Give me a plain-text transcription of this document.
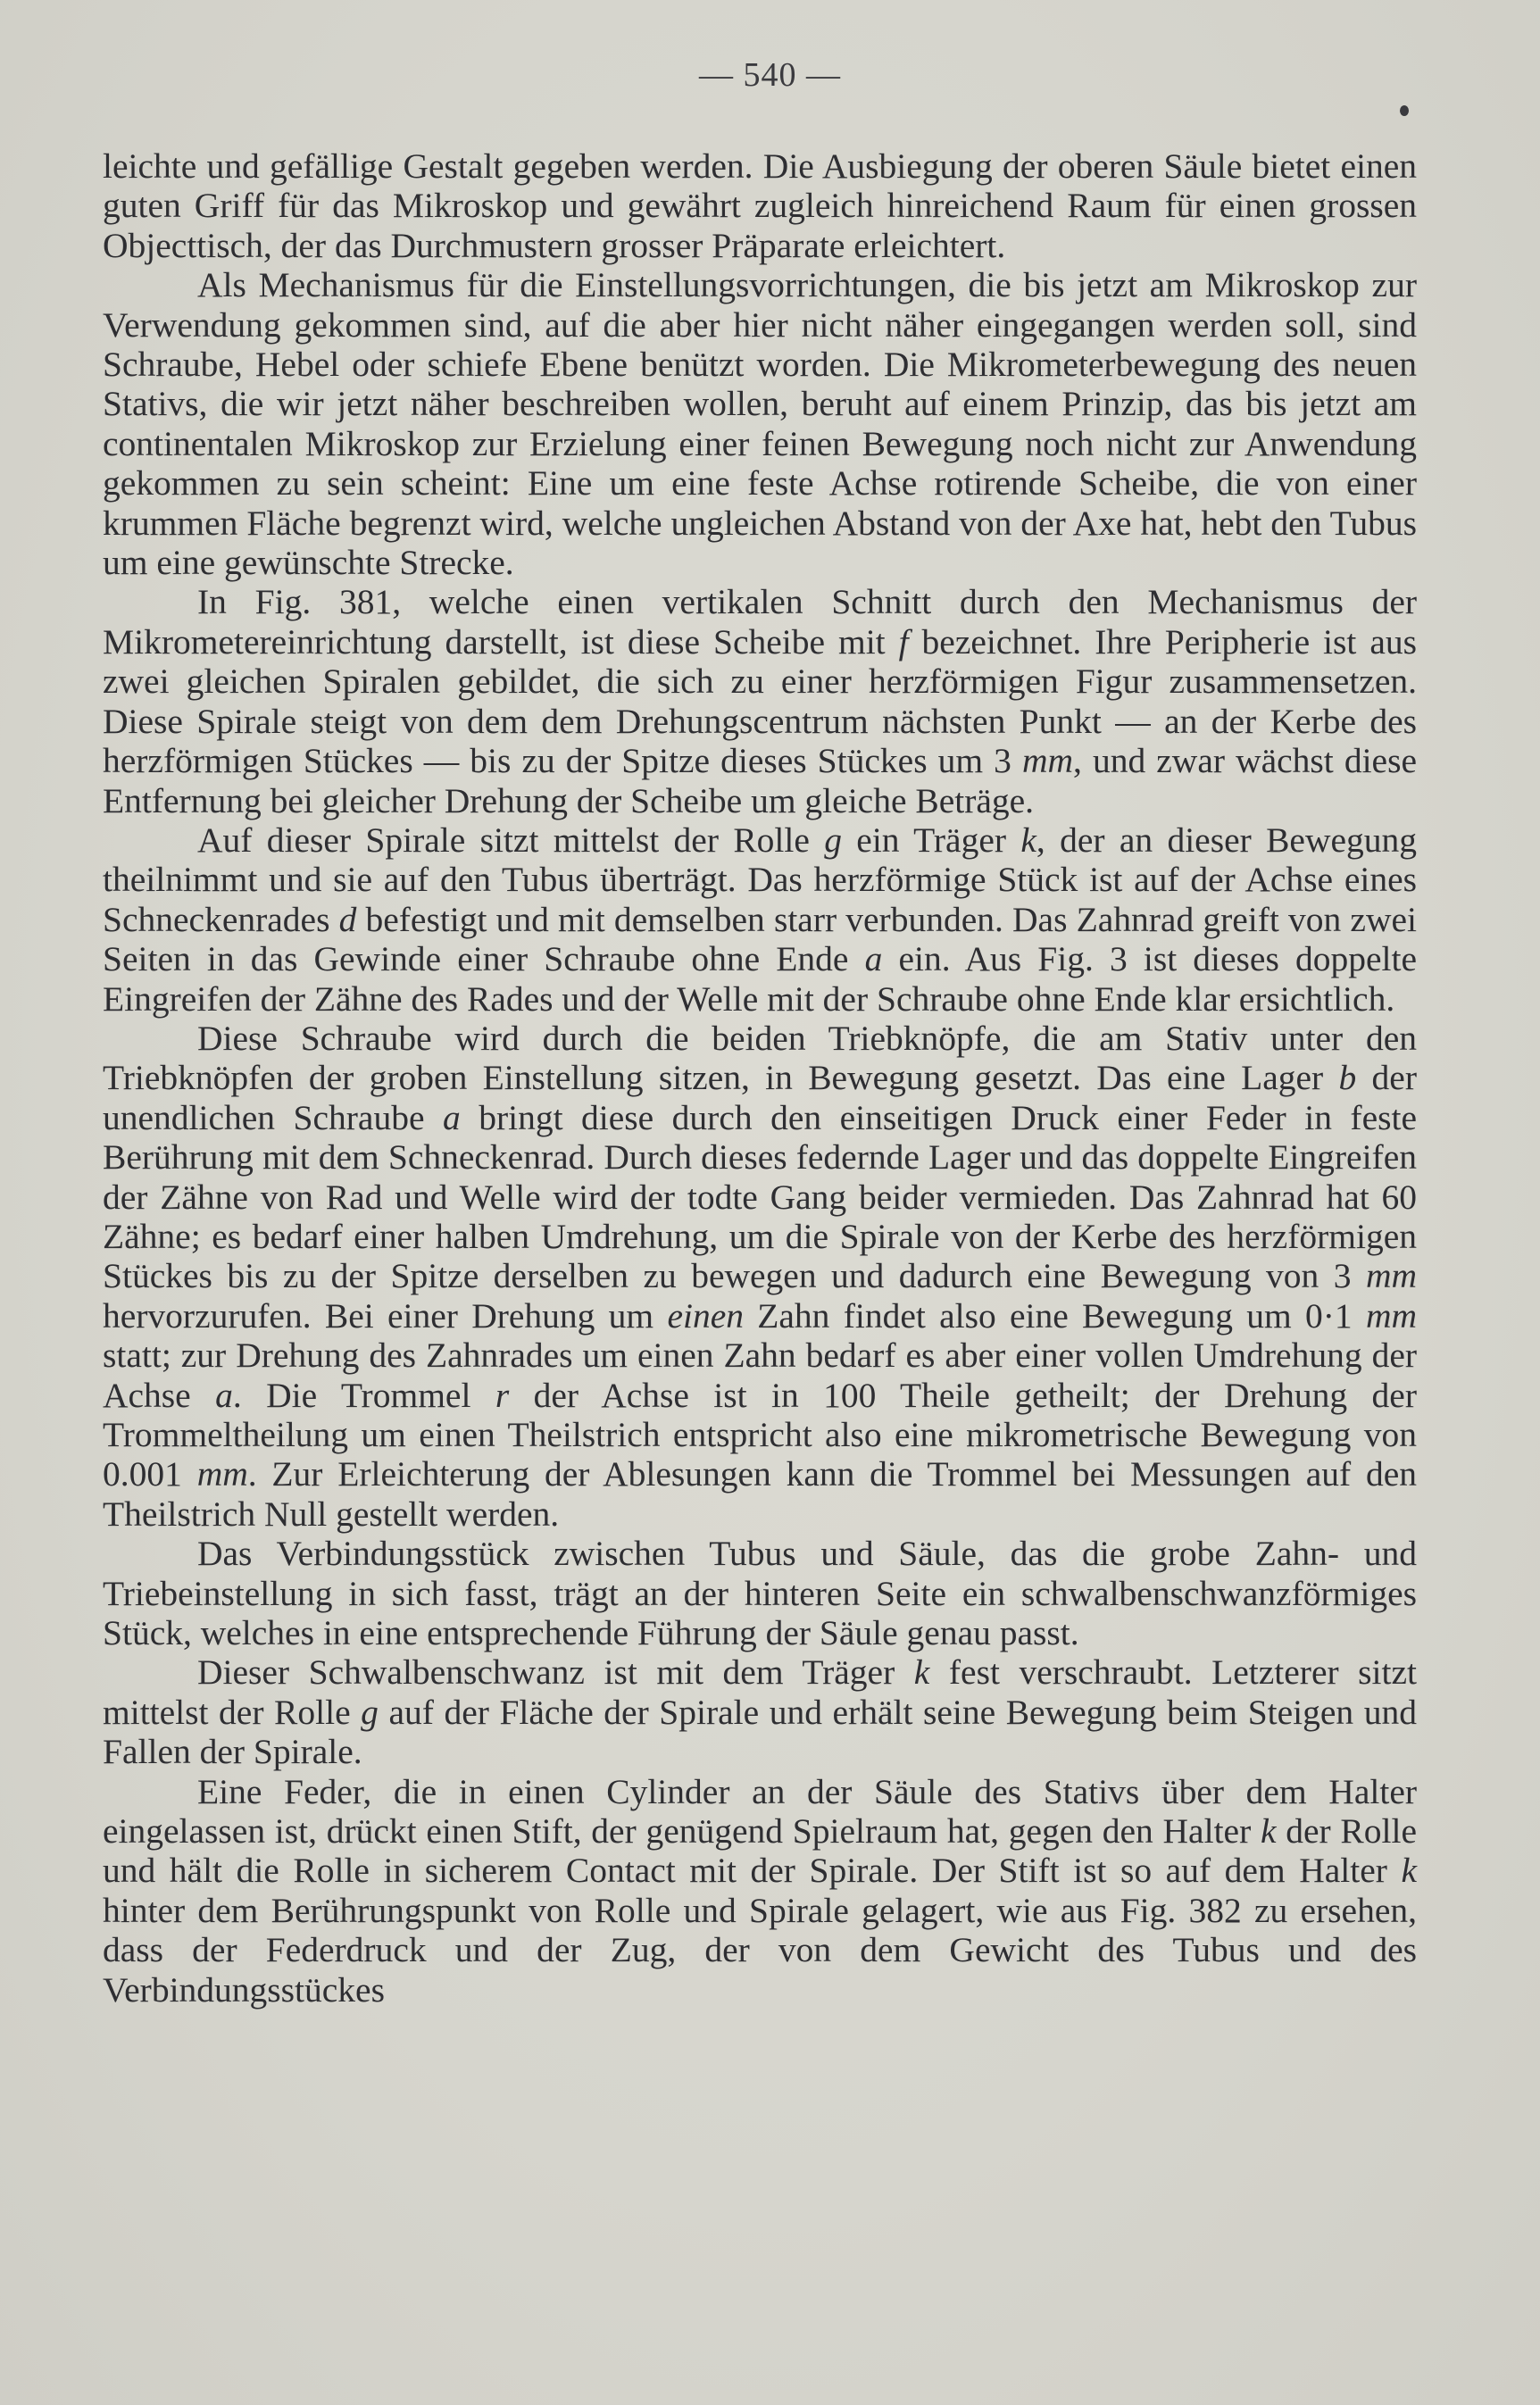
— 540 —

leichte und gefällige Gestalt gegeben werden. Die Ausbiegung der oberen Säule bietet einen guten Griff für das Mikroskop und gewährt zugleich hinreichend Raum für einen grossen Objecttisch, der das Durchmustern grosser Präparate erleichtert.

Als Mechanismus für die Einstellungsvorrichtungen, die bis jetzt am Mikroskop zur Verwendung gekommen sind, auf die aber hier nicht näher eingegangen werden soll, sind Schraube, Hebel oder schiefe Ebene benützt worden. Die Mikrometerbewegung des neuen Stativs, die wir jetzt näher beschreiben wollen, beruht auf einem Prinzip, das bis jetzt am continentalen Mikroskop zur Erzielung einer feinen Bewegung noch nicht zur Anwendung gekommen zu sein scheint: Eine um eine feste Achse rotirende Scheibe, die von einer krummen Fläche begrenzt wird, welche ungleichen Abstand von der Axe hat, hebt den Tubus um eine gewünschte Strecke.

In Fig. 381, welche einen vertikalen Schnitt durch den Mechanismus der Mikrometereinrichtung darstellt, ist diese Scheibe mit f bezeichnet. Ihre Peripherie ist aus zwei gleichen Spiralen gebildet, die sich zu einer herzförmigen Figur zusammensetzen. Diese Spirale steigt von dem dem Drehungscentrum nächsten Punkt — an der Kerbe des herzförmigen Stückes — bis zu der Spitze dieses Stückes um 3 mm, und zwar wächst diese Entfernung bei gleicher Drehung der Scheibe um gleiche Beträge.

Auf dieser Spirale sitzt mittelst der Rolle g ein Träger k, der an dieser Bewegung theilnimmt und sie auf den Tubus überträgt. Das herzförmige Stück ist auf der Achse eines Schneckenrades d befestigt und mit demselben starr verbunden. Das Zahnrad greift von zwei Seiten in das Gewinde einer Schraube ohne Ende a ein. Aus Fig. 3 ist dieses doppelte Eingreifen der Zähne des Rades und der Welle mit der Schraube ohne Ende klar ersichtlich.

Diese Schraube wird durch die beiden Triebknöpfe, die am Stativ unter den Triebknöpfen der groben Einstellung sitzen, in Bewegung gesetzt. Das eine Lager b der unendlichen Schraube a bringt diese durch den einseitigen Druck einer Feder in feste Berührung mit dem Schneckenrad. Durch dieses federnde Lager und das doppelte Eingreifen der Zähne von Rad und Welle wird der todte Gang beider vermieden. Das Zahnrad hat 60 Zähne; es bedarf einer halben Umdrehung, um die Spirale von der Kerbe des herzförmigen Stückes bis zu der Spitze derselben zu bewegen und dadurch eine Bewegung von 3 mm hervorzurufen. Bei einer Drehung um einen Zahn findet also eine Bewegung um 0·1 mm statt; zur Drehung des Zahnrades um einen Zahn bedarf es aber einer vollen Umdrehung der Achse a. Die Trommel r der Achse ist in 100 Theile getheilt; der Drehung der Trommeltheilung um einen Theilstrich entspricht also eine mikrometrische Bewegung von 0.001 mm. Zur Erleichterung der Ablesungen kann die Trommel bei Messungen auf den Theilstrich Null gestellt werden.

Das Verbindungsstück zwischen Tubus und Säule, das die grobe Zahn- und Triebeinstellung in sich fasst, trägt an der hinteren Seite ein schwalbenschwanzförmiges Stück, welches in eine entsprechende Führung der Säule genau passt.

Dieser Schwalbenschwanz ist mit dem Träger k fest verschraubt. Letzterer sitzt mittelst der Rolle g auf der Fläche der Spirale und erhält seine Bewegung beim Steigen und Fallen der Spirale.

Eine Feder, die in einen Cylinder an der Säule des Stativs über dem Halter eingelassen ist, drückt einen Stift, der genügend Spielraum hat, gegen den Halter k der Rolle und hält die Rolle in sicherem Contact mit der Spirale. Der Stift ist so auf dem Halter k hinter dem Berührungspunkt von Rolle und Spirale gelagert, wie aus Fig. 382 zu ersehen, dass der Federdruck und der Zug, der von dem Gewicht des Tubus und des Verbindungsstückes
